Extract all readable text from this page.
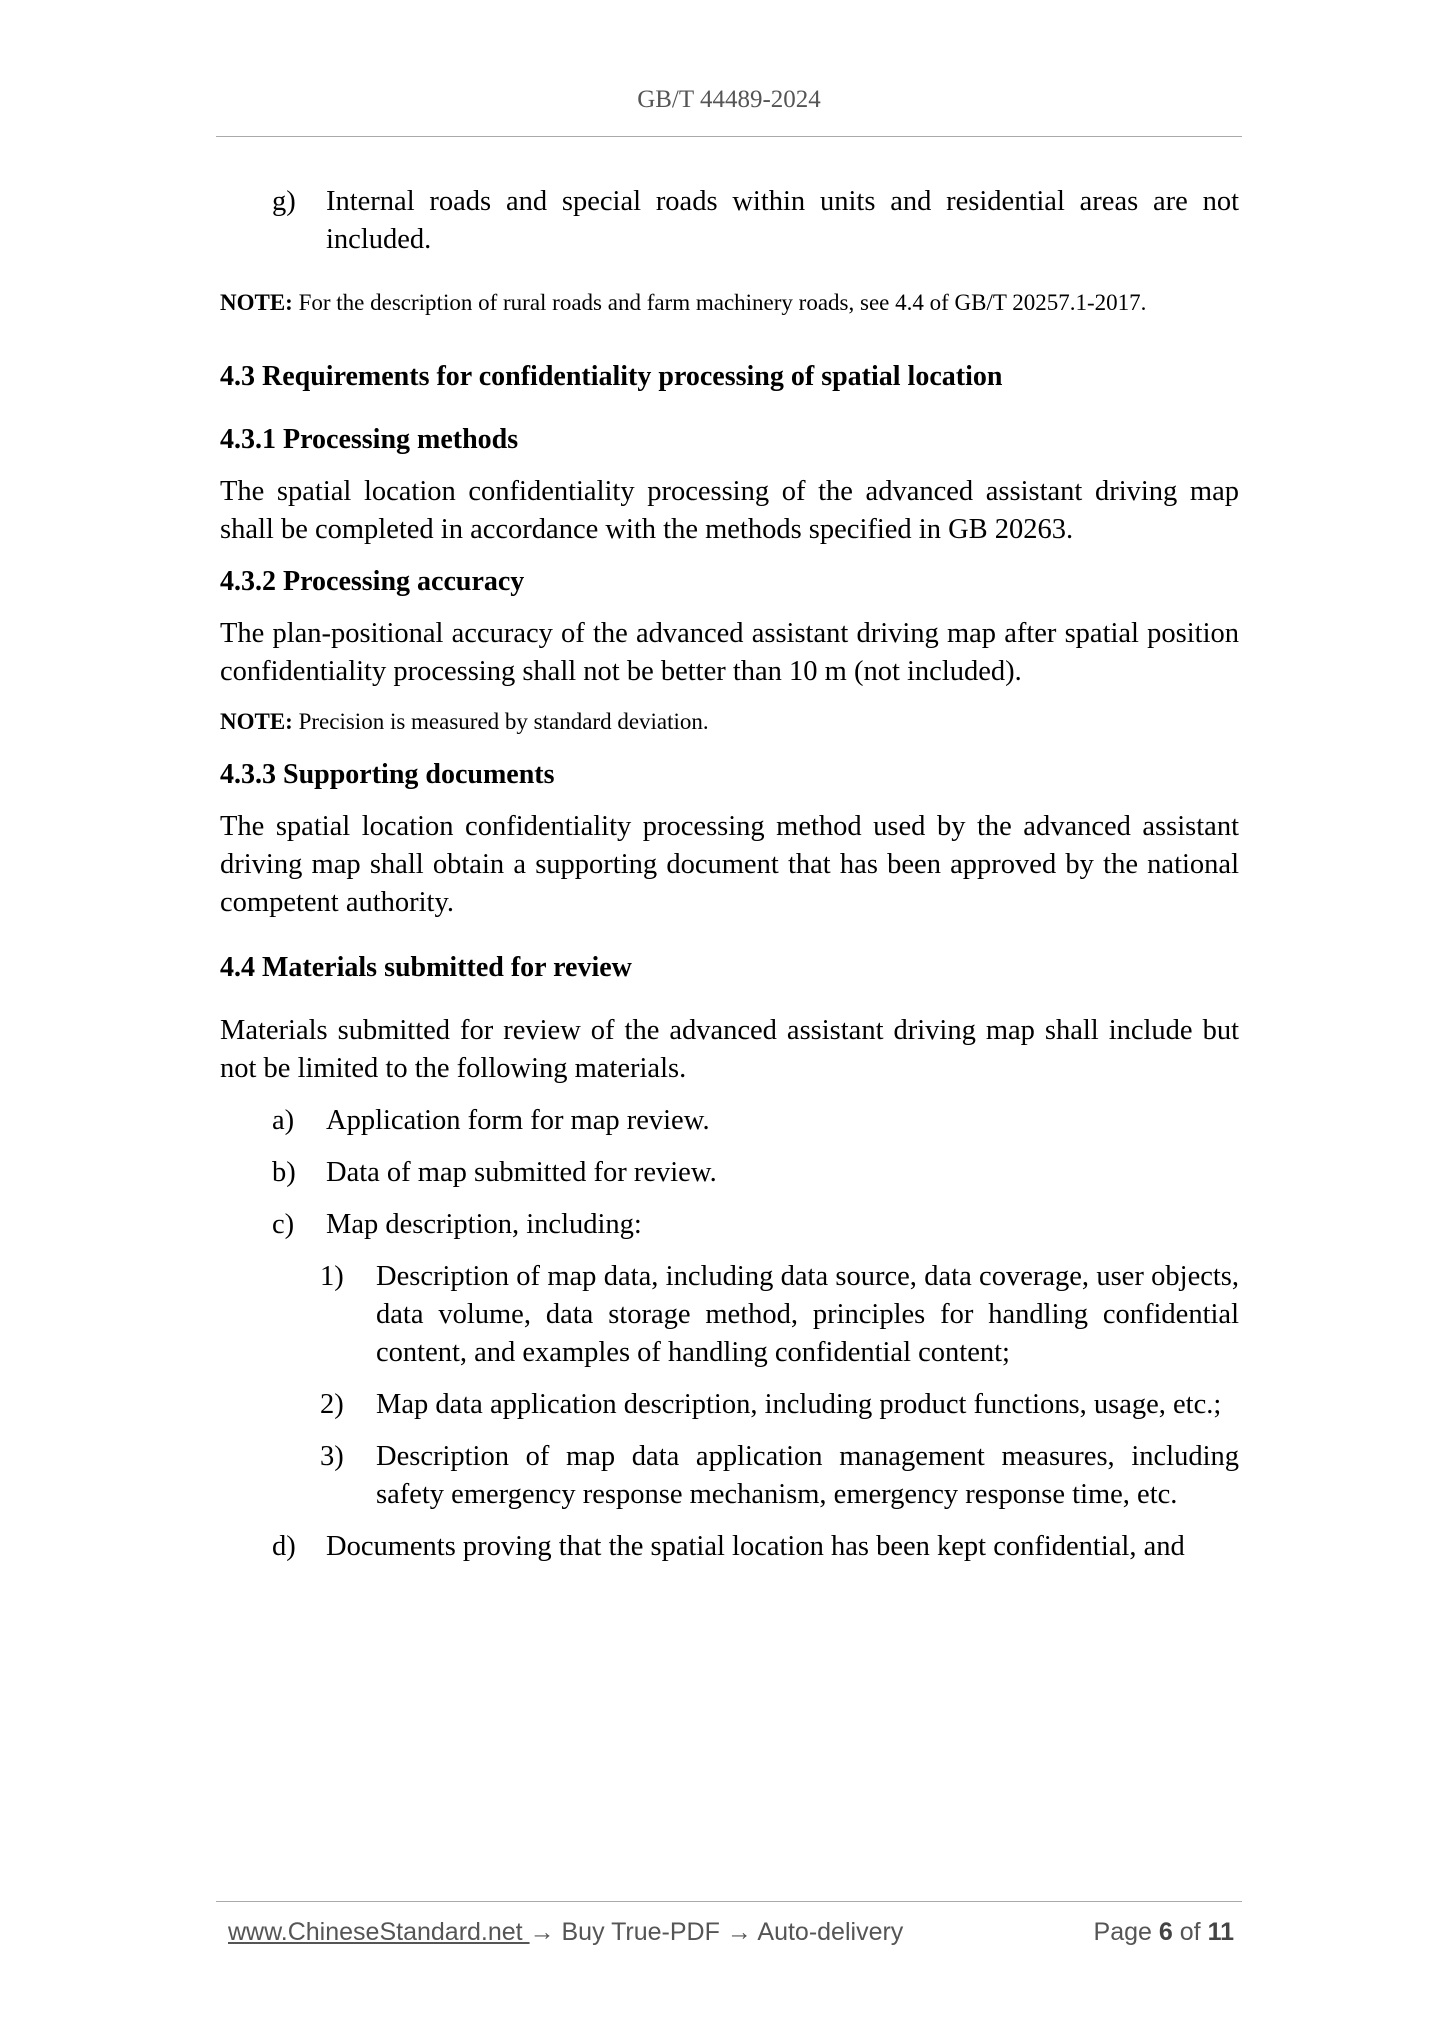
GB/T 44489-2024
g) Internal roads and special roads within units and residential areas are not included.

NOTE: For the description of rural roads and farm machinery roads, see 4.4 of GB/T 20257.1-2017.

4.3 Requirements for confidentiality processing of spatial location
4.3.1 Processing methods

The spatial location confidentiality processing of the advanced assistant driving map shall be completed in accordance with the methods specified in GB 20263.

4.3.2 Processing accuracy

The plan-positional accuracy of the advanced assistant driving map after spatial position confidentiality processing shall not be better than 10 m (not included).

NOTE: Precision is measured by standard deviation.

4.3.3 Supporting documents

The spatial location confidentiality processing method used by the advanced assistant driving map shall obtain a supporting document that has been approved by the national competent authority.

4.4 Materials submitted for review

Materials submitted for review of the advanced assistant driving map shall include but not be limited to the following materials.

a) Application form for map review.
b) Data of map submitted for review.
c) Map description, including:
1) Description of map data, including data source, data coverage, user objects, data volume, data storage method, principles for handling confidential content, and examples of handling confidential content;
2) Map data application description, including product functions, usage, etc.;
3) Description of map data application management measures, including safety emergency response mechanism, emergency response time, etc.
d) Documents proving that the spatial location has been kept confidential, and
www.ChineseStandard.net → Buy True-PDF → Auto-delivery	Page 6 of 11
